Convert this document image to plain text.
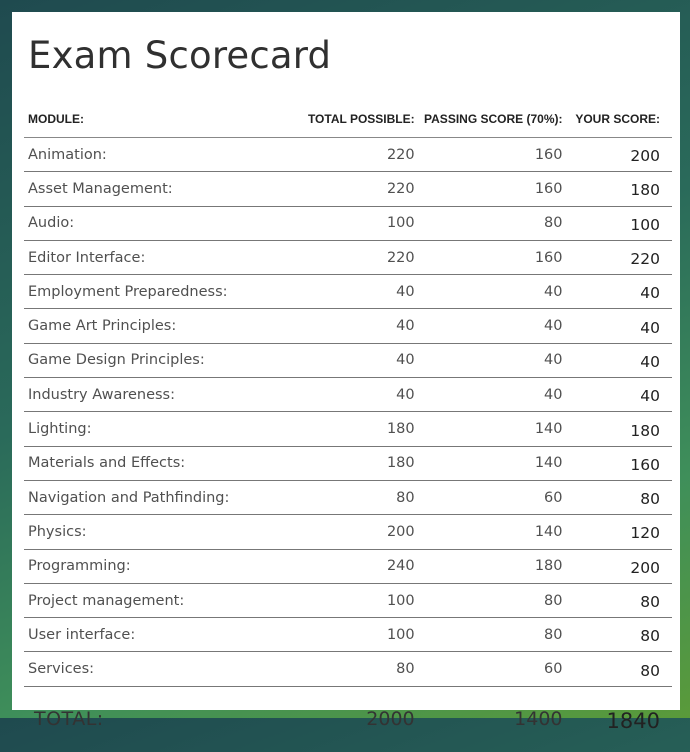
Exam Scorecard
MODULE:	TOTAL POSSIBLE:	PASSING SCORE (70%):	YOUR SCORE:
Animation:	220	160	200
Asset Management:	220	160	180
Audio:	100	80	100
Editor Interface:	220	160	220
Employment Preparedness:	40	40	40
Game Art Principles:	40	40	40
Game Design Principles:	40	40	40
Industry Awareness:	40	40	40
Lighting:	180	140	180
Materials and Effects:	180	140	160
Navigation and Pathfinding:	80	60	80
Physics:	200	140	120
Programming:	240	180	200
Project management:	100	80	80
User interface:	100	80	80
Services:	80	60	80
TOTAL:	2000	1400	1840
